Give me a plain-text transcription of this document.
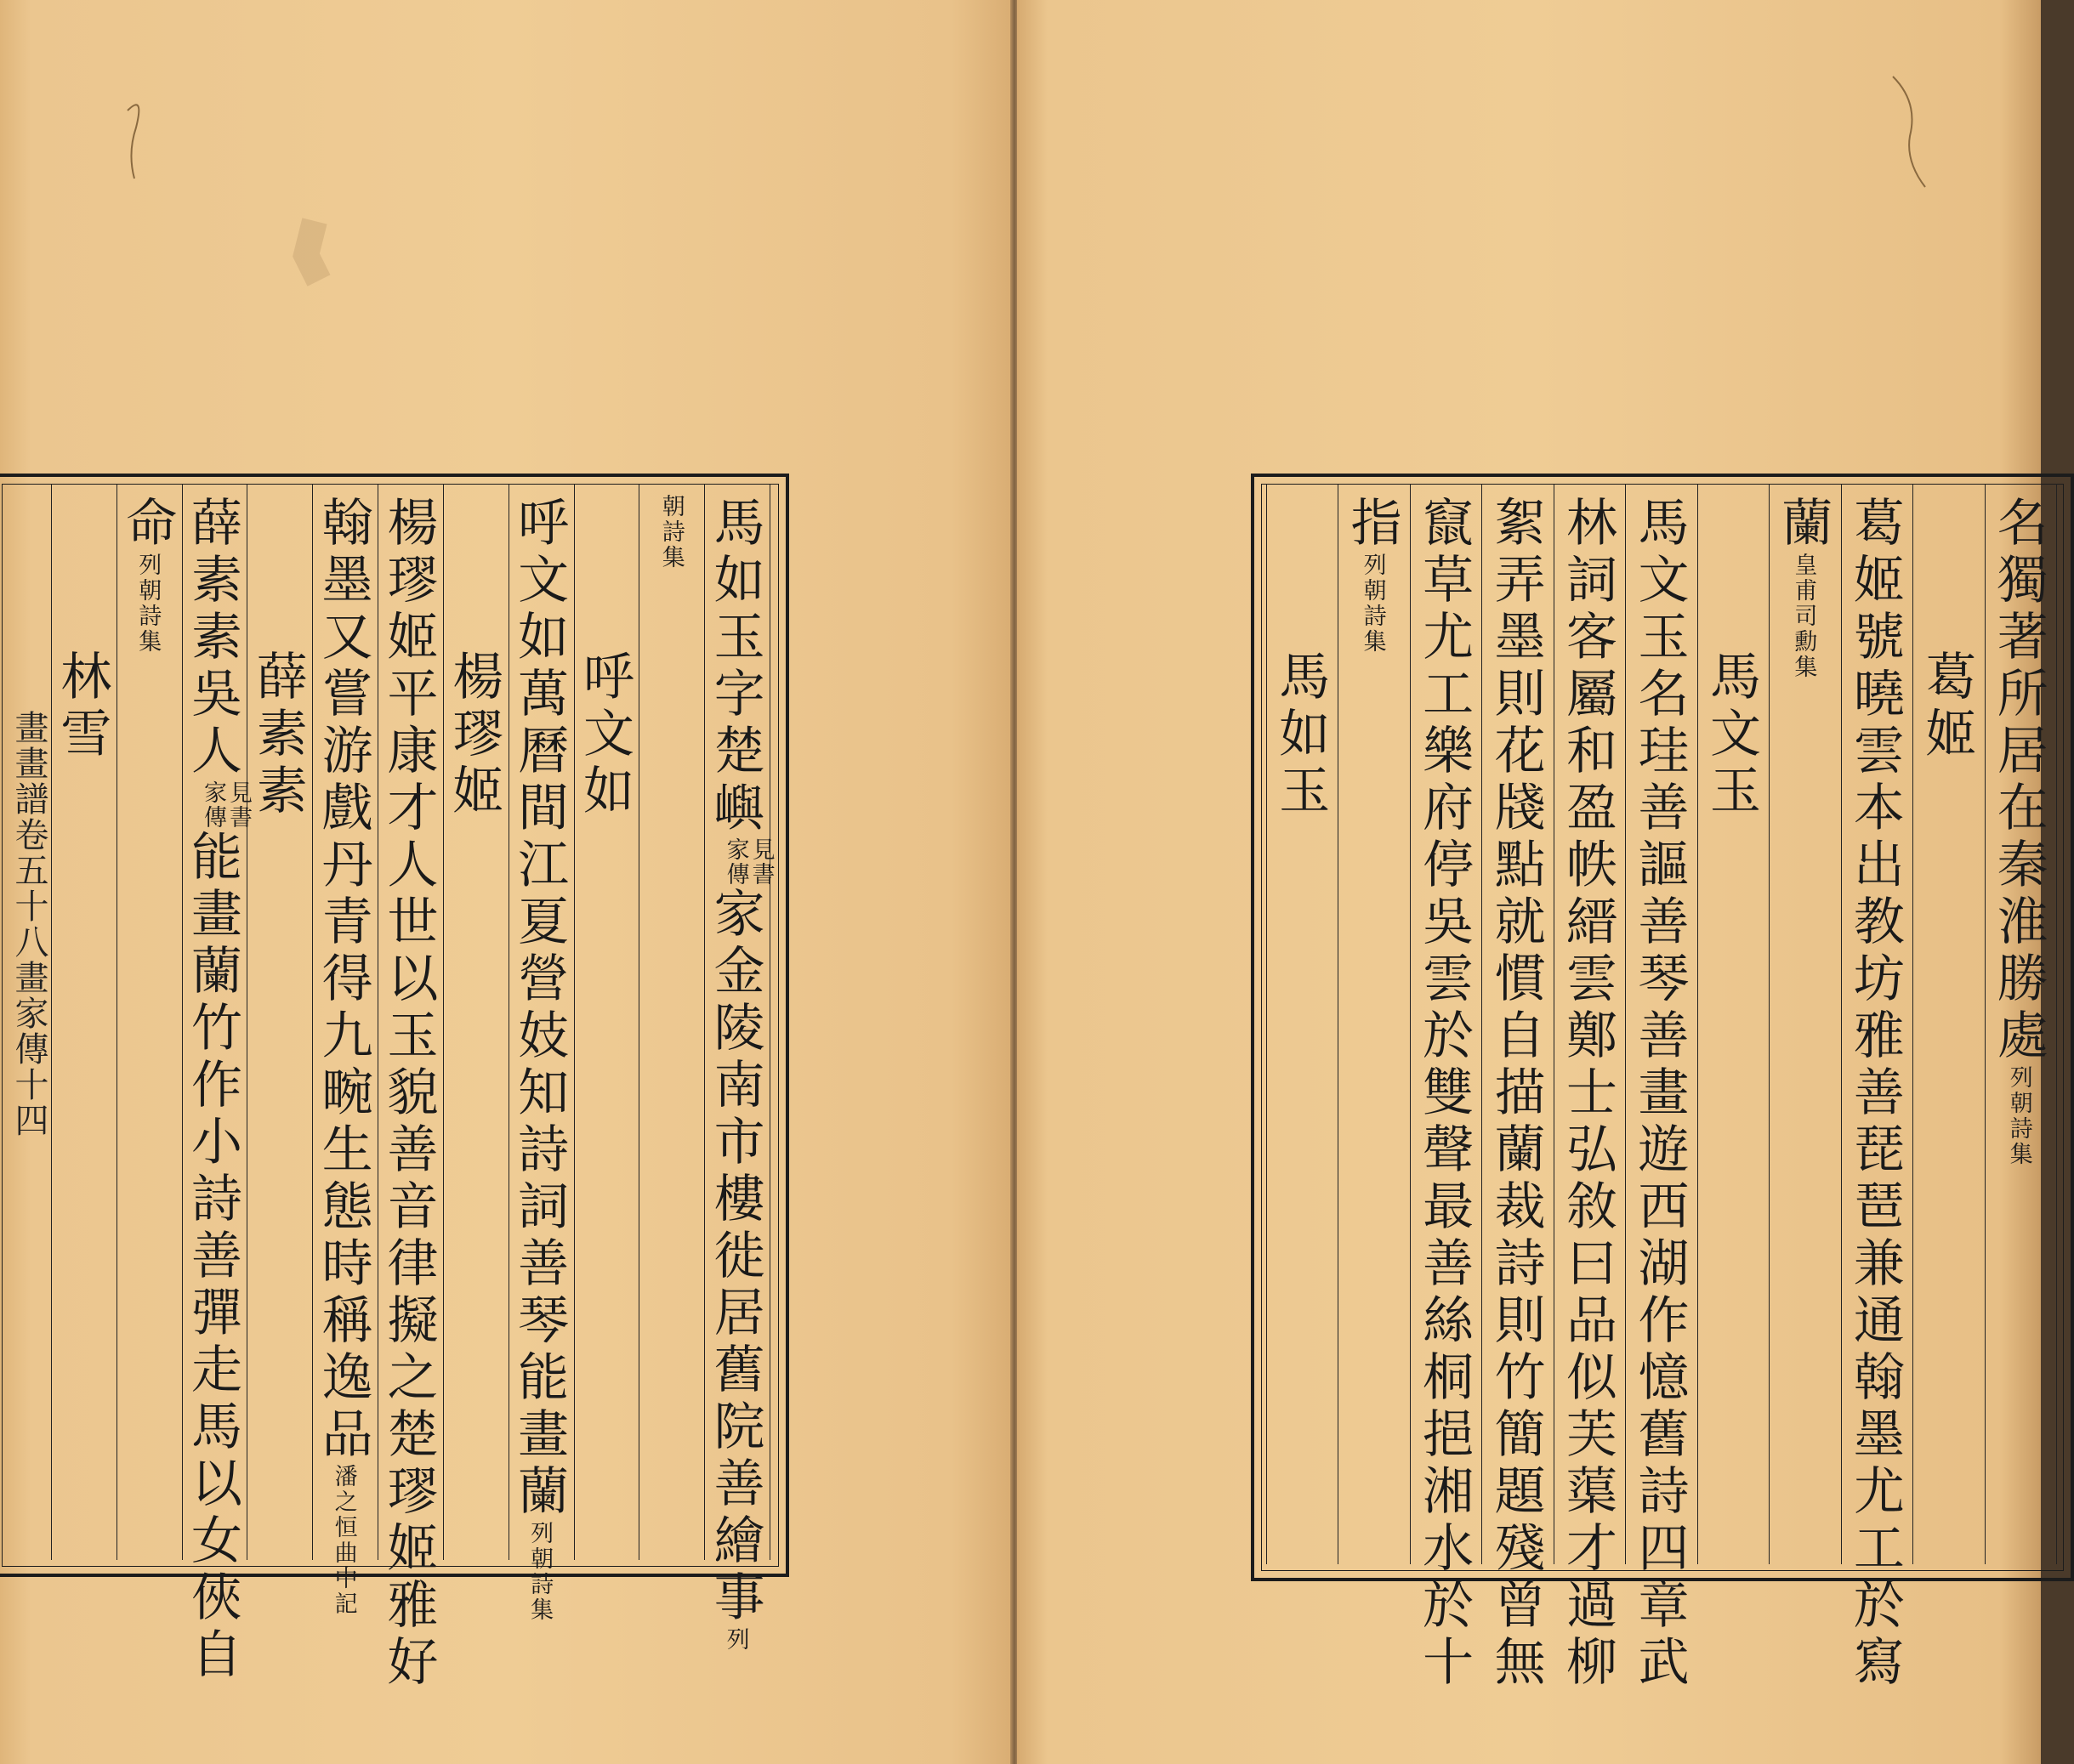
馬如玉字楚嶼見書
家傳家金陵南市樓徙居舊院善繪事列
朝詩集
呼文如
呼文如萬曆間江夏營妓知詩詞善琴能畫蘭列朝詩集
楊璆姬
楊璆姬平康才人世以玉貌善音律擬之楚璆姬雅好
翰墨又嘗游戲丹青得九畹生態時稱逸品潘之恒曲中記
薛素素
薛素素吳人見書
家傳能畫蘭竹作小詩善彈走馬以女俠自
命列朝詩集
林雪
畫畫譜卷五十八畫家傳十四	名獨著所居在秦淮勝處列朝詩集
葛姬
葛姬號曉雲本出教坊雅善琵琶兼通翰墨尤工於寫
蘭皇甫司勳集
馬文玉
馬文玉名珪善謳善琴善畫遊西湖作憶舊詩四章武
林詞客屬和盈帙縉雲鄭士弘敘曰品似芙蕖才過柳
絮弄墨則花牋點就慣自描蘭裁詩則竹簡題殘曾無
竄草尤工樂府停吳雲於雙聲最善絲桐挹湘水於十
指列朝詩集
馬如玉
